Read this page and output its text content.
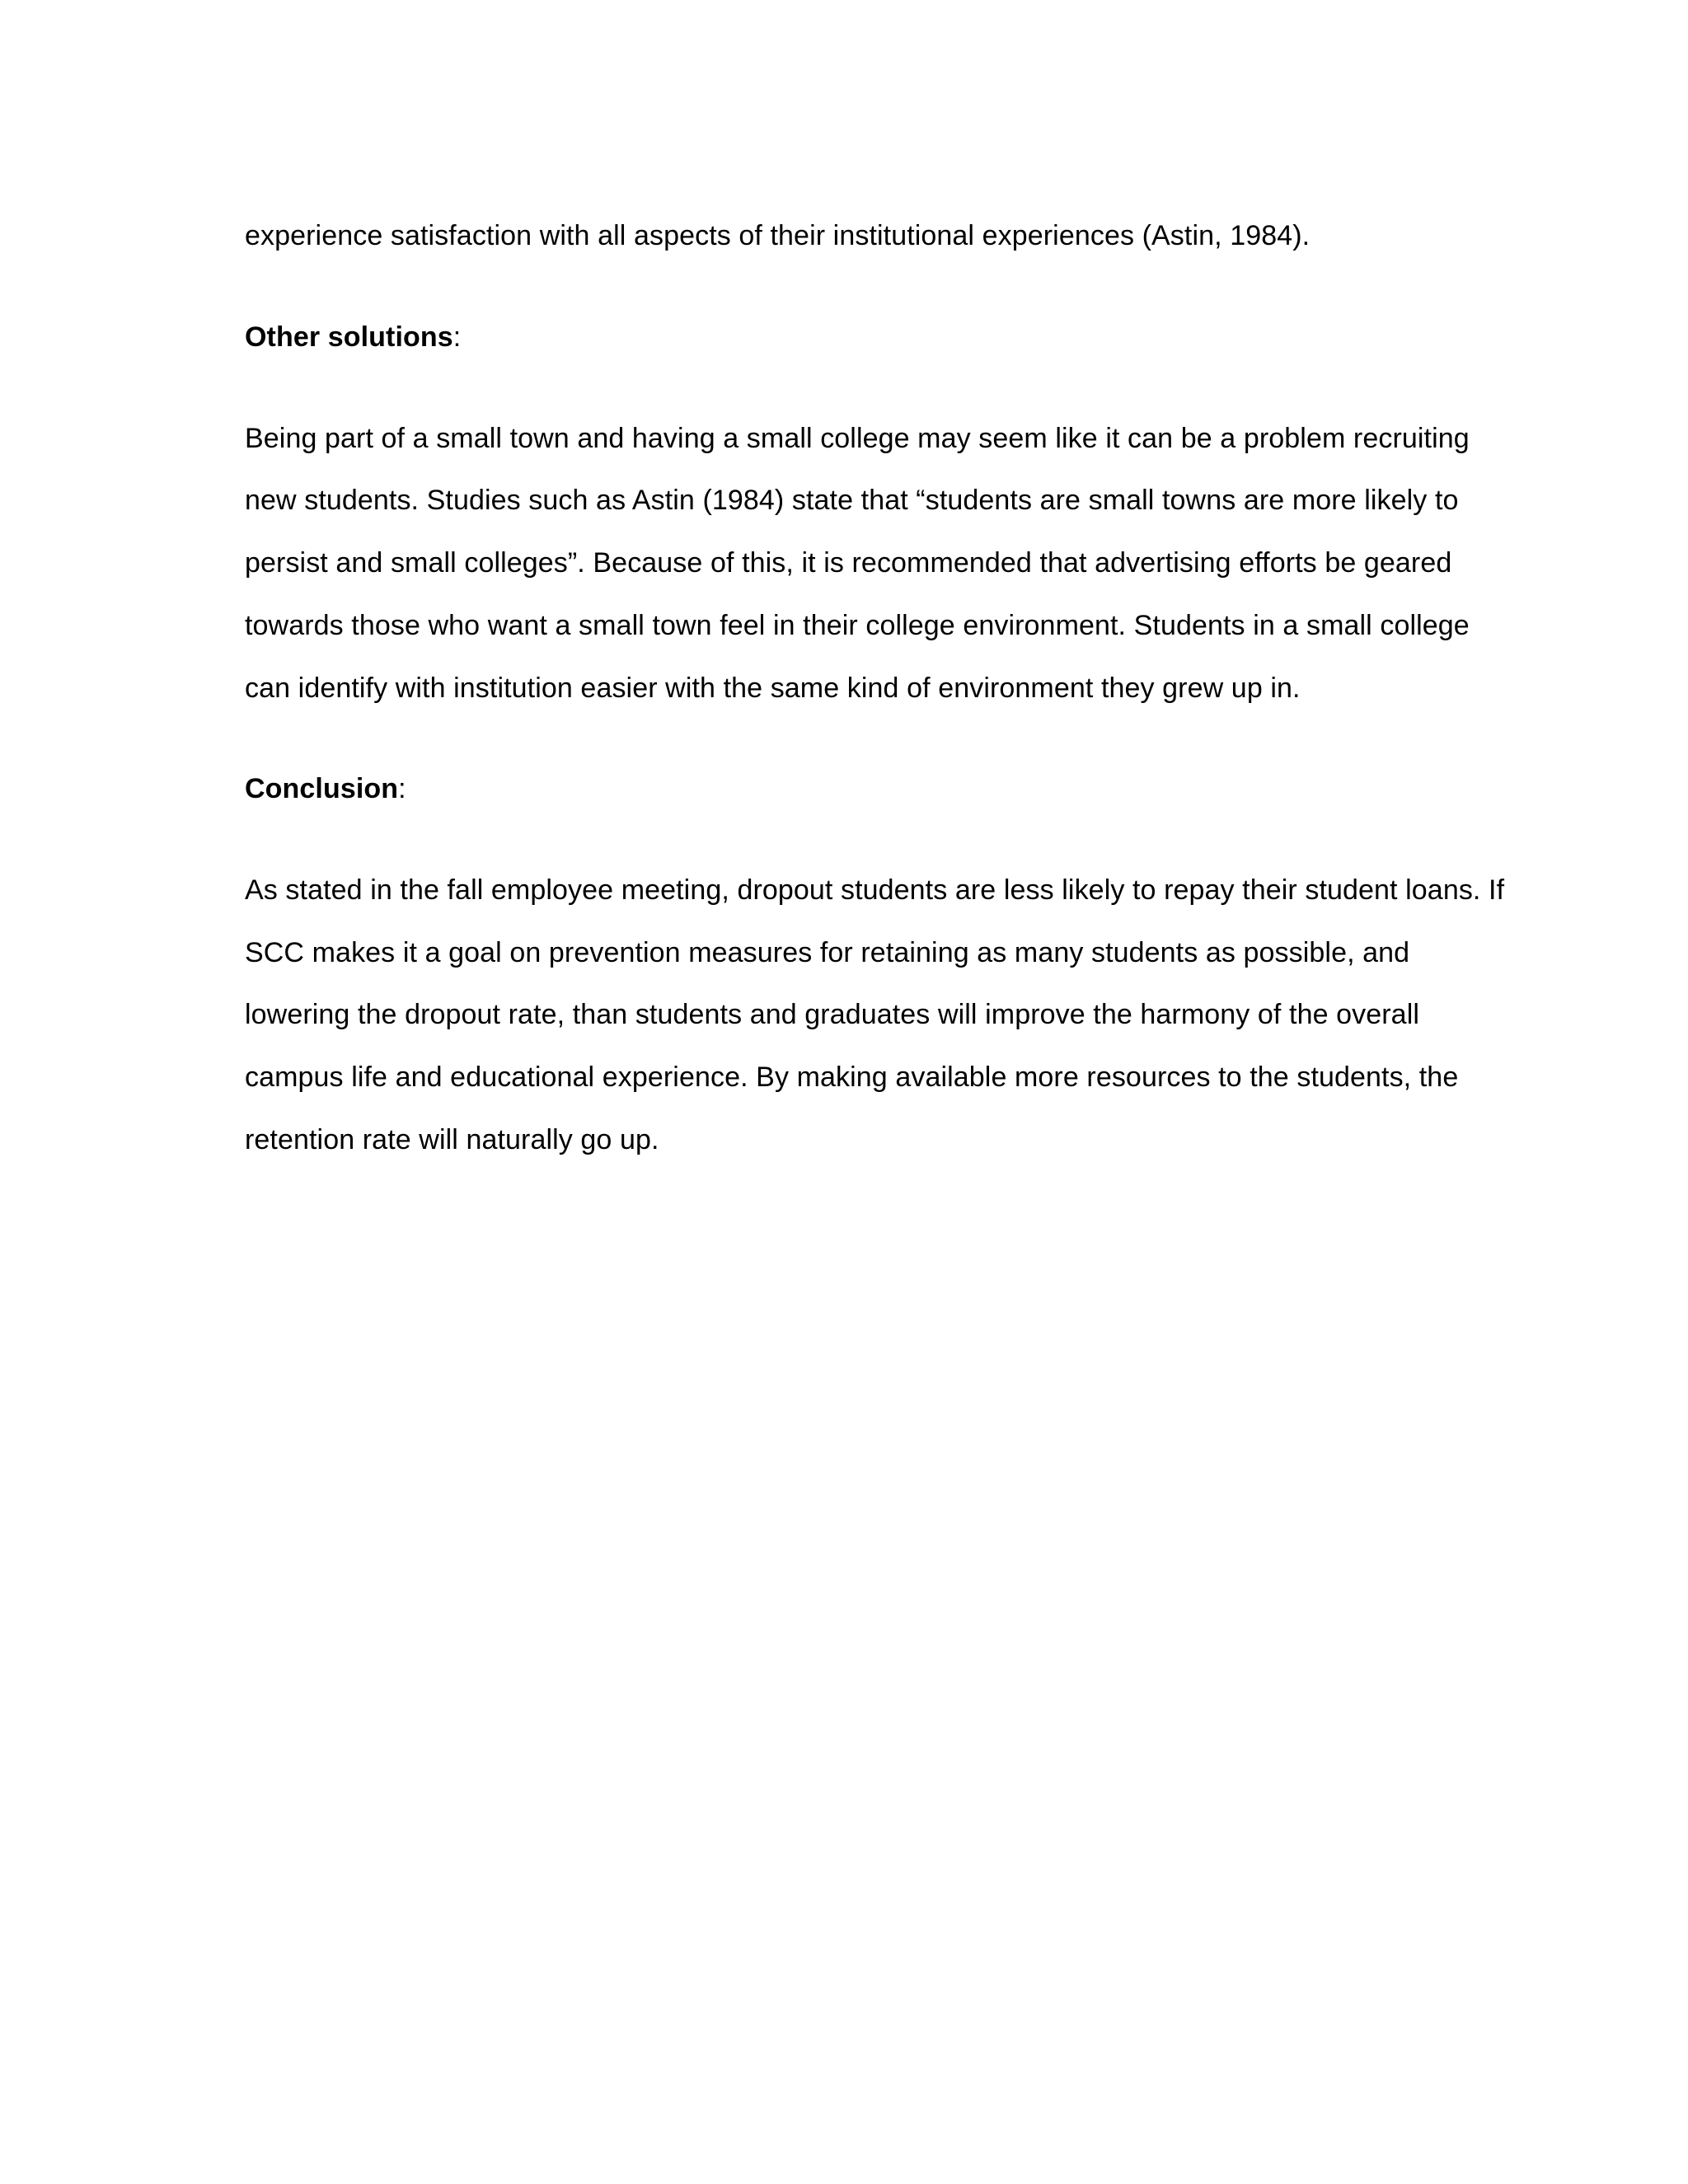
experience satisfaction with all aspects of their institutional experiences (Astin, 1984).
Other solutions:
Being part of a small town and having a small college may seem like it can be a problem recruiting
new students. Studies such as Astin (1984) state that “students are small towns are more likely to
persist and small colleges”. Because of this, it is recommended that advertising efforts be geared
towards those who want a small town feel in their college environment. Students in a small college
can identify with institution easier with the same kind of environment they grew up in.
Conclusion:
As stated in the fall employee meeting, dropout students are less likely to repay their student loans. If
SCC makes it a goal on prevention measures for retaining as many students as possible, and
lowering the dropout rate, than students and graduates will improve the harmony of the overall
campus life and educational experience. By making available more resources to the students, the
retention rate will naturally go up.
